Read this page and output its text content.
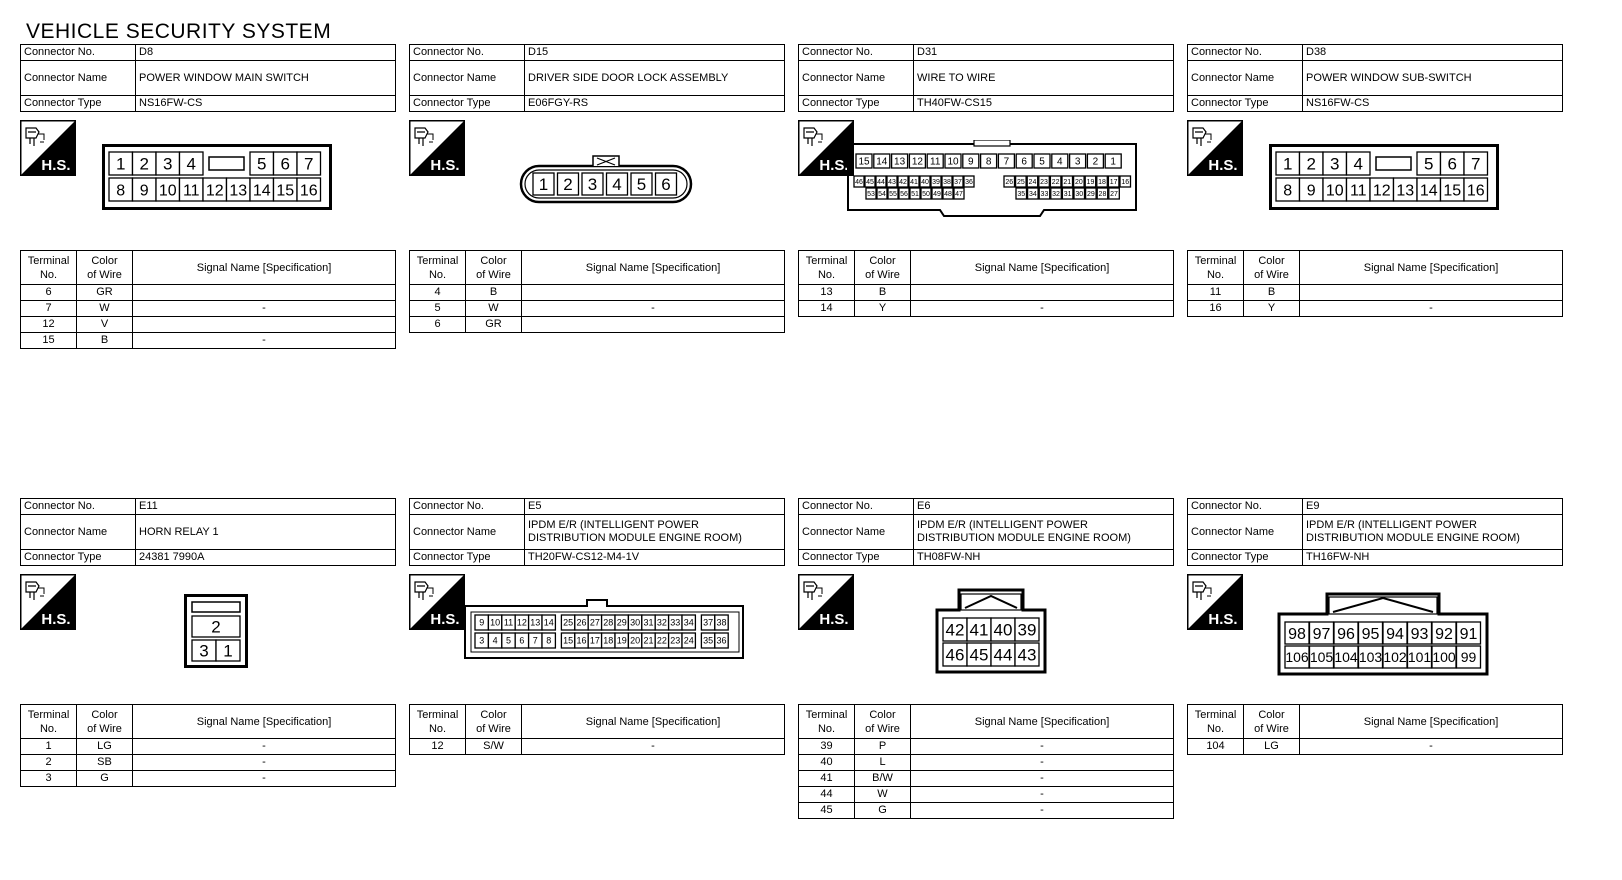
VEHICLE SECURITY SYSTEM
Connector No.	D8
Connector Name	POWER WINDOW MAIN SWITCH
Connector Type	NS16FW-CS
H.S.	1 2 3 4	5 6 7
8 9 10 11 12 13 14 15 16
Terminal
No.	Color
of Wire	Signal Name [Specification]
6	GR	
7	W	-
12	V	
15	B	-
Connector No.	D15
Connector Name	DRIVER SIDE DOOR LOCK ASSEMBLY
Connector Type	E06FGY-RS
H.S.
1 2 3 4 5 6
Terminal
No.	Color
of Wire	Signal Name [Specification]
4	B	
5	W	-
6	GR	
Connector No.	D31
Connector Name	WIRE TO WIRE
Connector Type	TH40FW-CS15
H.S. 15 14 13 12 11 10 9 8 7 6 5 4 3 2 1
46 45 44 43 42 41 40 39 38 37 36	26 25 24 23 22 21 20 19 18 17 16
53 54 55 56 51 50 49 48 47	35 34 33 32 31 30 29 28 27
Terminal
No.	Color
of Wire	Signal Name [Specification]
13	B	
14	Y	-
Connector No.	D38
Connector Name	POWER WINDOW SUB-SWITCH
Connector Type	NS16FW-CS
H.S.	1 2 3 4	5 6 7
8 9 10 11 12 13 14 15 16
Terminal
No.	Color
of Wire	Signal Name [Specification]
11	B	
16	Y	-
Connector No.	E11
Connector Name	HORN RELAY 1
Connector Type	24381 7990A
H.S.	2
3 1
Terminal
No.	Color
of Wire	Signal Name [Specification]
1	LG	-
2	SB	-
3	G	-
Connector No.	E5
Connector Name	IPDM E/R (INTELLIGENT POWER
DISTRIBUTION MODULE ENGINE ROOM)
Connector Type	TH20FW-CS12-M4-1V
H.S. 9 10 11 12 13 14 25 26 27 28 29 30 31 32 33 34 37 38
3 4 5 6 7 8 15 16 17 18 19 20 21 22 23 24 35 36
Terminal
No.	Color
of Wire	Signal Name [Specification]
12	S/W	-
Connector No.	E6
Connector Name	IPDM E/R (INTELLIGENT POWER
DISTRIBUTION MODULE ENGINE ROOM)
Connector Type	TH08FW-NH
H.S.
42 41 40 39
46 45 44 43
Terminal
No.	Color
of Wire	Signal Name [Specification]
39	P	-
40	L	-
41	B/W	-
44	W	-
45	G	-
Connector No.	E9
Connector Name	IPDM E/R (INTELLIGENT POWER
DISTRIBUTION MODULE ENGINE ROOM)
Connector Type	TH16FW-NH
H.S.
98 97 96 95 94 93 92 91
106 105 104 103 102 101 100 99
Terminal
No.	Color
of Wire	Signal Name [Specification]
104	LG	-
